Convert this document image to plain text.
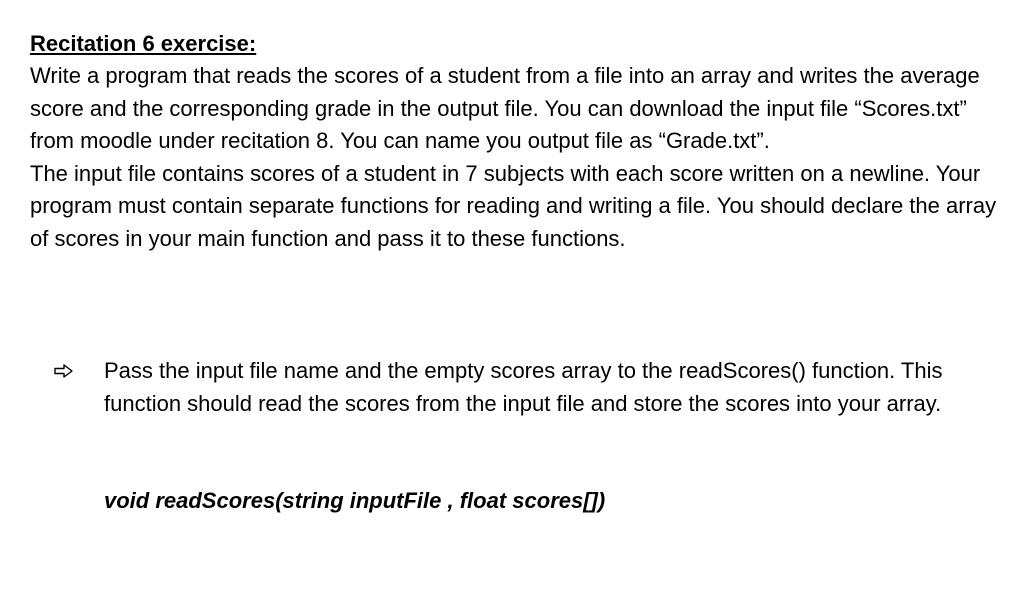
Recitation 6 exercise:

Write a program that reads the scores of a student from a file into an array and writes the average score and the corresponding grade in the output file. You can download the input file “Scores.txt” from moodle under recitation 8. You can name you output file as “Grade.txt”.

The input file contains scores of a student in 7 subjects with each score written on a newline. Your program must contain separate functions for reading and writing a file. You should declare the array of scores in your main function and pass it to these functions.

Pass the input file name and the empty scores array to the readScores() function. This function should read the scores from the input file and store the scores into your array.

void readScores(string inputFile , float scores[])
